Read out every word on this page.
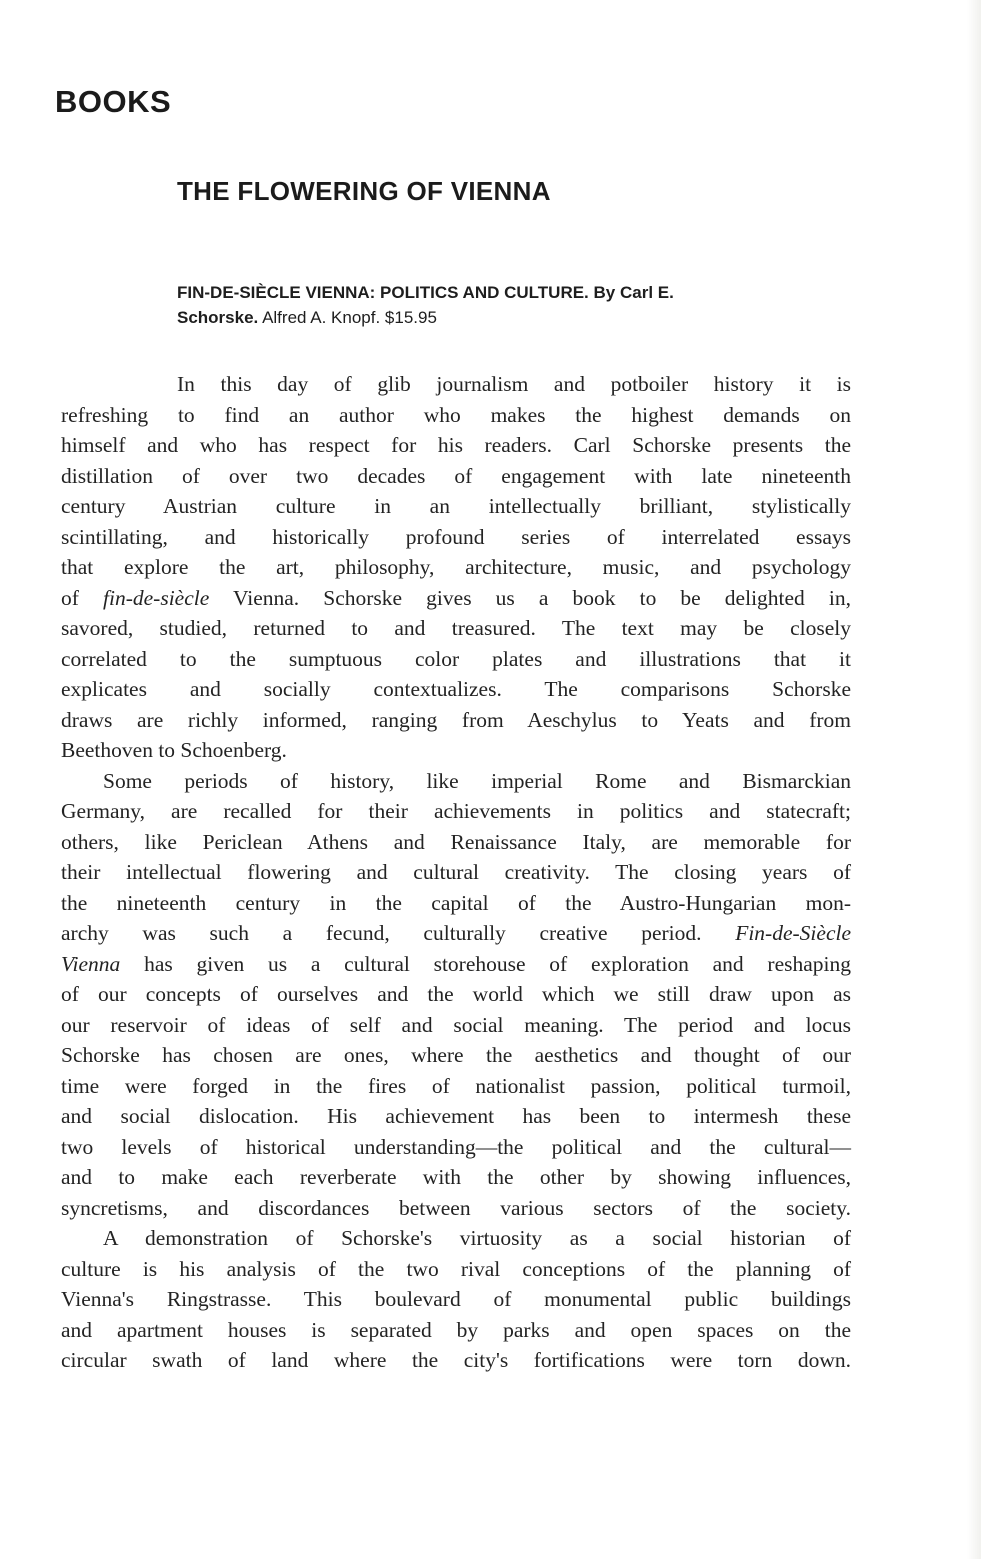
BOOKS
THE FLOWERING OF VIENNA

FIN-DE-SIÈCLE VIENNA: POLITICS AND CULTURE. By Carl E.
Schorske. Alfred A. Knopf. $15.95

In this day of glib journalism and potboiler history it is
refreshing to find an author who makes the highest demands on
himself and who has respect for his readers. Carl Schorske presents the
distillation of over two decades of engagement with late nineteenth
century Austrian culture in an intellectually brilliant, stylistically
scintillating, and historically profound series of interrelated essays
that explore the art, philosophy, architecture, music, and psychology
of fin-de-siècle Vienna. Schorske gives us a book to be delighted in,
savored, studied, returned to and treasured. The text may be closely
correlated to the sumptuous color plates and illustrations that it
explicates and socially contextualizes. The comparisons Schorske
draws are richly informed, ranging from Aeschylus to Yeats and from
Beethoven to Schoenberg.
Some periods of history, like imperial Rome and Bismarckian
Germany, are recalled for their achievements in politics and statecraft;
others, like Periclean Athens and Renaissance Italy, are memorable for
their intellectual flowering and cultural creativity. The closing years of
the nineteenth century in the capital of the Austro-Hungarian mon-
archy was such a fecund, culturally creative period. Fin-de-Siècle
Vienna has given us a cultural storehouse of exploration and reshaping
of our concepts of ourselves and the world which we still draw upon as
our reservoir of ideas of self and social meaning. The period and locus
Schorske has chosen are ones, where the aesthetics and thought of our
time were forged in the fires of nationalist passion, political turmoil,
and social dislocation. His achievement has been to intermesh these
two levels of historical understanding—the political and the cultural—
and to make each reverberate with the other by showing influences,
syncretisms, and discordances between various sectors of the society.
A demonstration of Schorske's virtuosity as a social historian of
culture is his analysis of the two rival conceptions of the planning of
Vienna's Ringstrasse. This boulevard of monumental public buildings
and apartment houses is separated by parks and open spaces on the
circular swath of land where the city's fortifications were torn down.
